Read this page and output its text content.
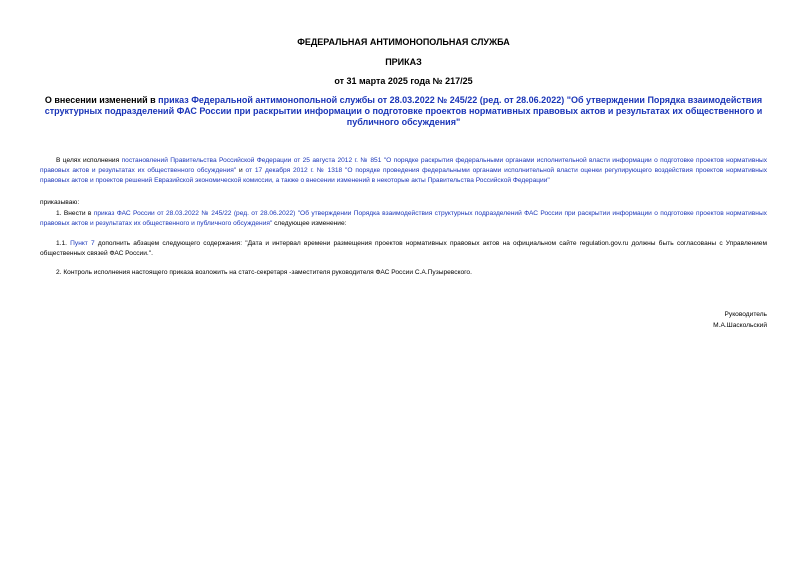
ФЕДЕРАЛЬНАЯ АНТИМОНОПОЛЬНАЯ СЛУЖБА
ПРИКАЗ
от 31 марта 2025 года № 217/25
О внесении изменений в приказ Федеральной антимонопольной службы от 28.03.2022 № 245/22 (ред. от 28.06.2022) "Об утверждении Порядка взаимодействия структурных подразделений ФАС России при раскрытии информации о подготовке проектов нормативных правовых актов и результатах их общественного и публичного обсуждения"
В целях исполнения постановлений Правительства Российской Федерации от 25 августа 2012 г. № 851 "О порядке раскрытия федеральными органами исполнительной власти информации о подготовке проектов нормативных правовых актов и результатах их общественного обсуждения" и от 17 декабря 2012 г. № 1318 "О порядке проведения федеральными органами исполнительной власти оценки регулирующего воздействия проектов нормативных правовых актов и проектов решений Евразийской экономической комиссии, а также о внесении изменений в некоторые акты Правительства Российской Федерации"
приказываю:
1. Внести в приказ ФАС России от 28.03.2022 № 245/22 (ред. от 28.06.2022) "Об утверждении Порядка взаимодействия структурных подразделений ФАС России при раскрытии информации о подготовке проектов нормативных правовых актов и результатах их общественного и публичного обсуждения" следующее изменение:
1.1. Пункт 7 дополнить абзацем следующего содержания: "Дата и интервал времени размещения проектов нормативных правовых актов на официальном сайте regulation.gov.ru должны быть согласованы с Управлением общественных связей ФАС России.".
2. Контроль исполнения настоящего приказа возложить на статс-секретаря -заместителя руководителя ФАС России С.А.Пузыревского.
Руководитель
М.А.Шаскольский
